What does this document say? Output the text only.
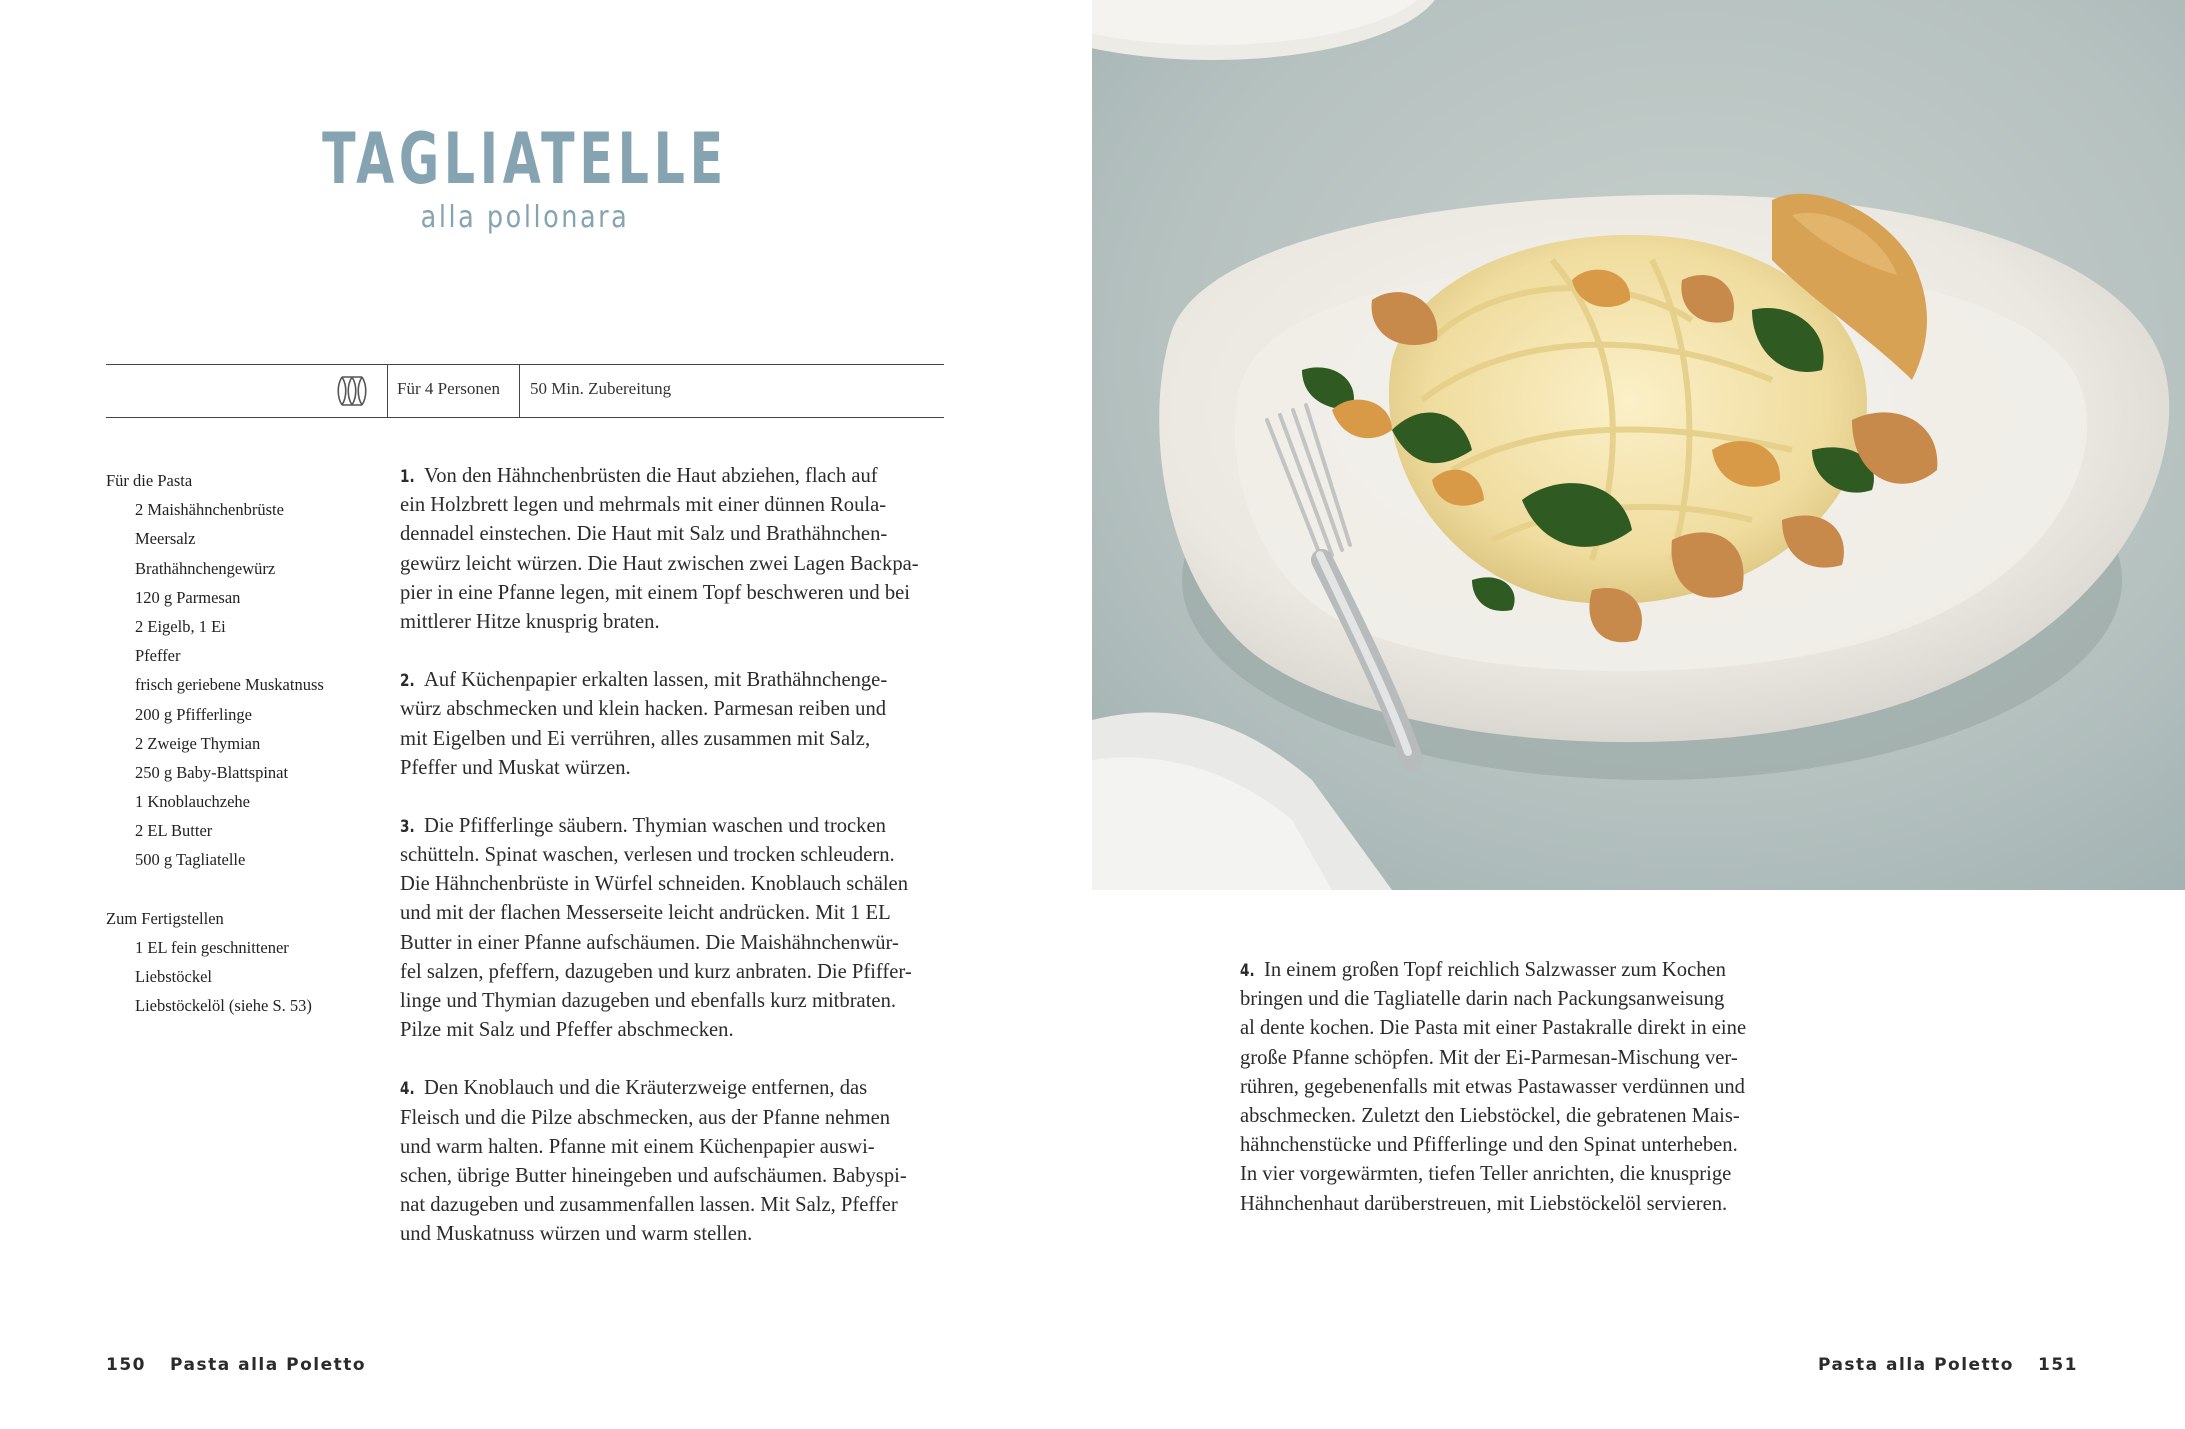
TAGLIATELLE
alla pollonara
Für 4 Personen 50 Min. Zubereitung
Für die Pasta
2 Maishähnchenbrüste
Meersalz
Brathähnchengewürz
120 g Parmesan
2 Eigelb, 1 Ei
Pfeffer
frisch geriebene Muskatnuss
200 g Pfifferlinge
2 Zweige Thymian
250 g Baby-Blattspinat
1 Knoblauchzehe
2 EL Butter
500 g Tagliatelle
Zum Fertigstellen
1 EL fein geschnittener
Liebstöckel
Liebstöckelöl (siehe S. 53)
1. Von den Hähnchenbrüsten die Haut abziehen, flach auf
ein Holzbrett legen und mehrmals mit einer dünnen Roula-
dennadel einstechen. Die Haut mit Salz und Brathähnchen-
gewürz leicht würzen. Die Haut zwischen zwei Lagen Backpa-
pier in eine Pfanne legen, mit einem Topf beschweren und bei
mittlerer Hitze knusprig braten.
2. Auf Küchenpapier erkalten lassen, mit Brathähnchenge-
würz abschmecken und klein hacken. Parmesan reiben und
mit Eigelben und Ei verrühren, alles zusammen mit Salz,
Pfeffer und Muskat würzen.
3. Die Pfifferlinge säubern. Thymian waschen und trocken
schütteln. Spinat waschen, verlesen und trocken schleudern.
Die Hähnchenbrüste in Würfel schneiden. Knoblauch schälen
und mit der flachen Messerseite leicht andrücken. Mit 1 EL
Butter in einer Pfanne aufschäumen. Die Maishähnchenwür-
fel salzen, pfeffern, dazugeben und kurz anbraten. Die Pfiffer-
linge und Thymian dazugeben und ebenfalls kurz mitbraten.
Pilze mit Salz und Pfeffer abschmecken.
4. Den Knoblauch und die Kräuterzweige entfernen, das
Fleisch und die Pilze abschmecken, aus der Pfanne nehmen
und warm halten. Pfanne mit einem Küchenpapier auswi-
schen, übrige Butter hineingeben und aufschäumen. Babyspi-
nat dazugeben und zusammenfallen lassen. Mit Salz, Pfeffer
und Muskatnuss würzen und warm stellen.
150 Pasta alla Poletto
4. In einem großen Topf reichlich Salzwasser zum Kochen
bringen und die Tagliatelle darin nach Packungsanweisung
al dente kochen. Die Pasta mit einer Pastakralle direkt in eine
große Pfanne schöpfen. Mit der Ei-Parmesan-Mischung ver-
rühren, gegebenenfalls mit etwas Pastawasser verdünnen und
abschmecken. Zuletzt den Liebstöckel, die gebratenen Mais-
hähnchenstücke und Pfifferlinge und den Spinat unterheben.
In vier vorgewärmten, tiefen Teller anrichten, die knusprige
Hähnchenhaut darüberstreuen, mit Liebstöckelöl servieren.
Pasta alla Poletto 151
